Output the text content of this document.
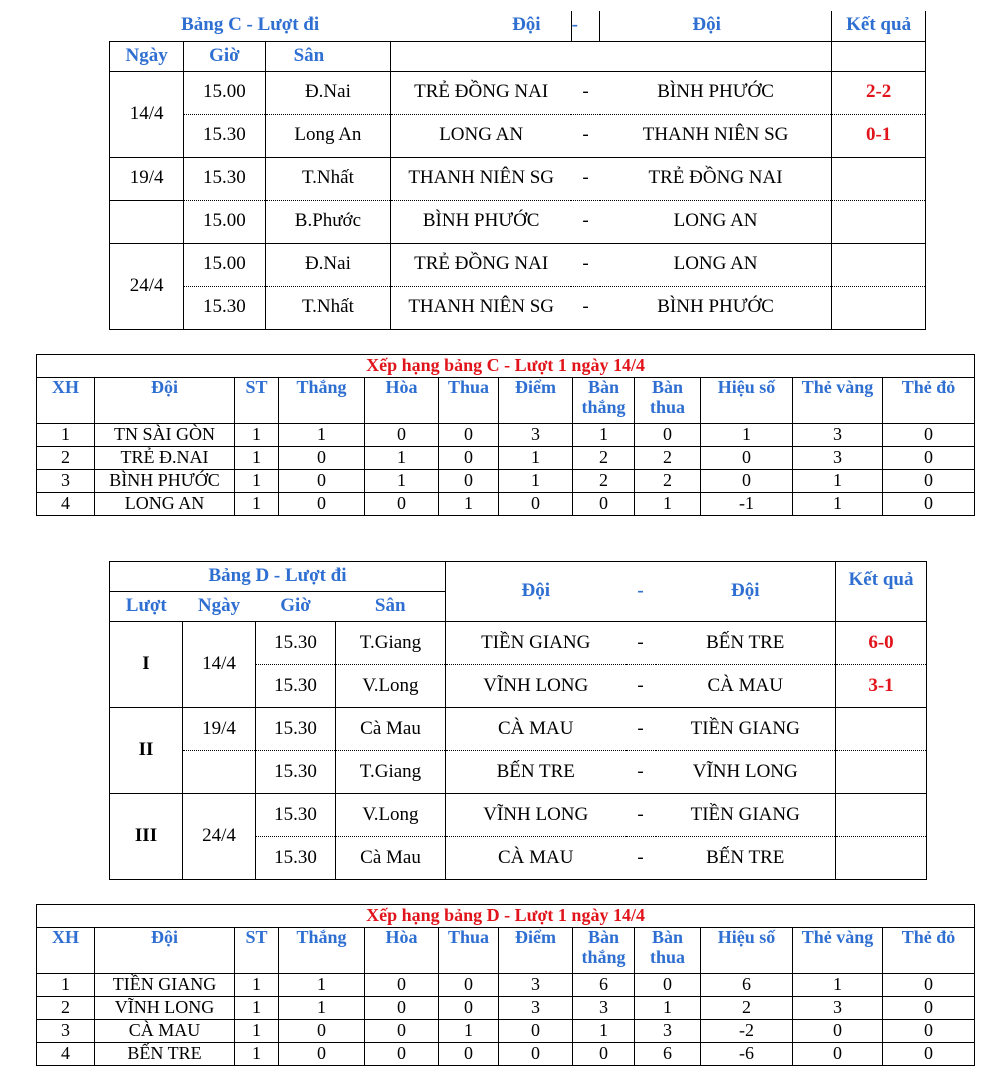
Bảng C - Lượt đi			Đội	-	Đội	Kết quả
Ngày	Giờ	Sân				
14/4	15.00	Đ.Nai	TRẺ ĐỒNG NAI	-	BÌNH PHƯỚC	2-2
	15.30	Long An	LONG AN	-	THANH NIÊN SG	0-1
19/4	15.30	T.Nhất	THANH NIÊN SG	-	TRẺ ĐỒNG NAI	
	15.00	B.Phước	BÌNH PHƯỚC	-	LONG AN	
24/4	15.00	Đ.Nai	TRẺ ĐỒNG NAI	-	LONG AN	
	15.30	T.Nhất	THANH NIÊN SG	-	BÌNH PHƯỚC	
Xếp hạng bảng C - Lượt 1 ngày 14/4											
XH	Đội	ST	Thắng	Hòa	Thua	Điểm	Bàn thắng	Bàn thua	Hiệu số	Thẻ vàng	Thẻ đỏ
1	TN SÀI GÒN	1	1	0	0	3	1	0	1	3	0
2	TRẺ Đ.NAI	1	0	1	0	1	2	2	0	3	0
3	BÌNH PHƯỚC	1	0	1	0	1	2	2	0	1	0
4	LONG AN	1	0	0	1	0	0	1	-1	1	0
Bảng D - Lượt đi				Đội	-	Đội	Kết quả
Lượt	Ngày	Giờ	Sân				
I	14/4	15.30	T.Giang	TIỀN GIANG	-	BẾN TRE	6-0
		15.30	V.Long	VĨNH LONG	-	CÀ MAU	3-1
II	19/4	15.30	Cà Mau	CÀ MAU	-	TIỀN GIANG	
		15.30	T.Giang	BẾN TRE	-	VĨNH LONG	
III	24/4	15.30	V.Long	VĨNH LONG	-	TIỀN GIANG	
		15.30	Cà Mau	CÀ MAU	-	BẾN TRE	
Xếp hạng bảng D - Lượt 1 ngày 14/4											
XH	Đội	ST	Thắng	Hòa	Thua	Điểm	Bàn thắng	Bàn thua	Hiệu số	Thẻ vàng	Thẻ đỏ
1	TIỀN GIANG	1	1	0	0	3	6	0	6	1	0
2	VĨNH LONG	1	1	0	0	3	3	1	2	3	0
3	CÀ MAU	1	0	0	1	0	1	3	-2	0	0
4	BẾN TRE	1	0	0	0	0	0	6	-6	0	0
